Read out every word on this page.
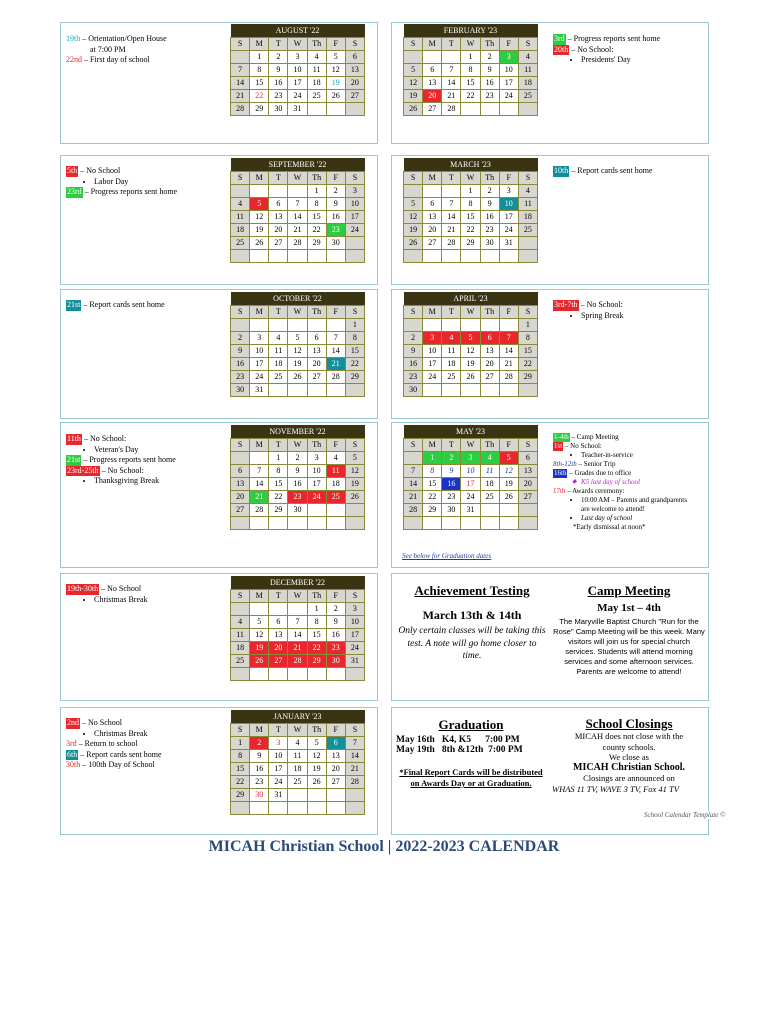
19th – Orientation/Open House
at 7:00 PM
22nd – First day of school
AUGUST '22						
S	M	T	W	Th	F	S
	1	2	3	4	5	6
7	8	9	10	11	12	13
14	15	16	17	18	19	20
21	22	23	24	25	26	27
28	29	30	31			
5th – No School
• Labor Day
23rd – Progress reports sent home
SEPTEMBER '22						
S	M	T	W	Th	F	S
				1	2	3
4	5	6	7	8	9	10
11	12	13	14	15	16	17
18	19	20	21	22	23	24
25	26	27	28	29	30	

21st – Report cards sent home
OCTOBER '22						
S	M	T	W	Th	F	S
						1
2	3	4	5	6	7	8
9	10	11	12	13	14	15
16	17	18	19	20	21	22
23	24	25	26	27	28	29
30	31					
11th – No School:
• Veteran's Day
21st – Progress reports sent home
23rd-25th – No School:
• Thanksgiving Break
NOVEMBER '22						
S	M	T	W	Th	F	S
		1	2	3	4	5
6	7	8	9	10	11	12
13	14	15	16	17	18	19
20	21	22	23	24	25	26
27	28	29	30			

19th-30th – No School
• Christmas Break
DECEMBER '22						
S	M	T	W	Th	F	S
				1	2	3
4	5	6	7	8	9	10
11	12	13	14	15	16	17
18	19	20	21	22	23	24
25	26	27	28	29	30	31

2nd – No School
• Christmas Break
3rd – Return to school
6th – Report cards sent home
30th – 100th Day of School
JANUARY '23						
S	M	T	W	Th	F	S
1	2	3	4	5	6	7
8	9	10	11	12	13	14
15	16	17	18	19	20	21
22	23	24	25	26	27	28
29	30	31				

FEBRUARY '23						
S	M	T	W	Th	F	S
			1	2	3	4
5	6	7	8	9	10	11
12	13	14	15	16	17	18
19	20	21	22	23	24	25
26	27	28				
3rd – Progress reports sent home
20th – No School:
• Presidents' Day
MARCH '23						
S	M	T	W	Th	F	S
			1	2	3	4
5	6	7	8	9	10	11
12	13	14	15	16	17	18
19	20	21	22	23	24	25
26	27	28	29	30	31	

10th – Report cards sent home
APRIL '23						
S	M	T	W	Th	F	S
						1
2	3	4	5	6	7	8
9	10	11	12	13	14	15
16	17	18	19	20	21	22
23	24	25	26	27	28	29
30						
3rd-7th – No School:
• Spring Break
MAY '23						
S	M	T	W	Th	F	S
	1	2	3	4	5	6
7	8	9	10	11	12	13
14	15	16	17	18	19	20
21	22	23	24	25	26	27
28	29	30	31			

See below for Graduation dates
1-4th – Camp Meeting
1st – No School:
• Teacher-in-service
8th-12th – Senior Trip
16th – Grades due to office
◆ K5 last day of school
17th – Awards ceremony:
• 10:00 AM – Parents and grandparents are welcome to attend!
• Last day of school
*Early dismissal at noon*
Achievement Testing
March 13th & 14th
Only certain classes will be taking this test. A note will go home closer to time.
Camp Meeting
May 1st – 4th
The Maryville Baptist Church "Run for the Rose" Camp Meeting will be this week. Many visitors will join us for special church services. Students will attend morning services and some afternoon services. Parents are welcome to attend!
Graduation
May 16th   K4, K5      7:00 PM
May 19th   8th &12th  7:00 PM
*Final Report Cards will be distributed on Awards Day or at Graduation.
School Closings
MICAH does not close with the county schools.
We close as
MICAH Christian School.
Closings are announced on
WHAS 11 TV, WAVE 3 TV, Fox 41 TV
School Calendar Template ©
MICAH Christian School | 2022-2023 CALENDAR
